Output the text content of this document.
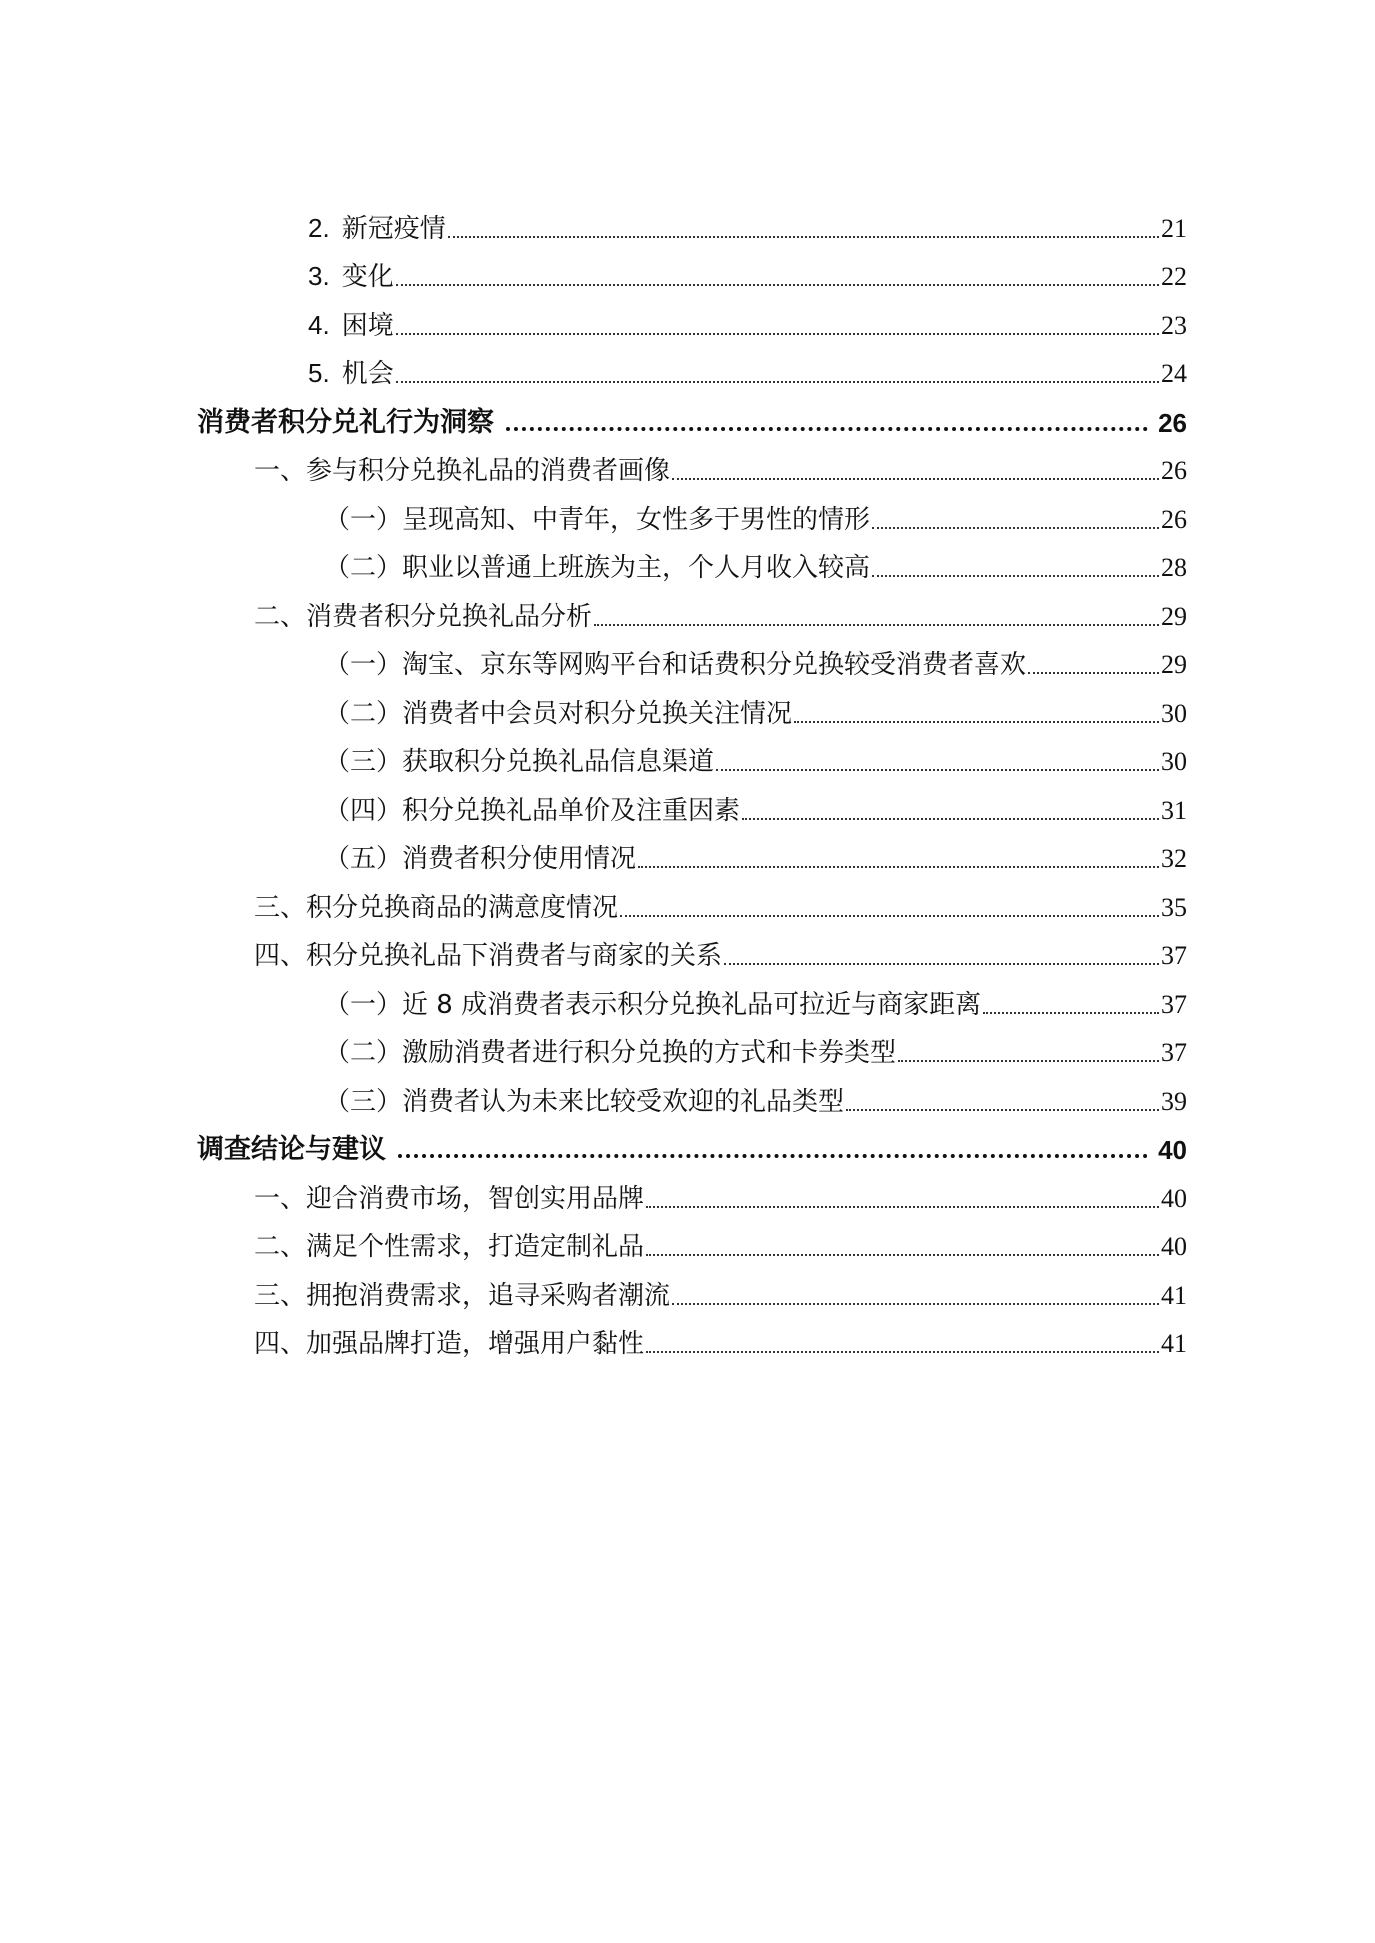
2. 新冠疫情	21
3. 变化	22
4. 困境	23
5. 机会	24
消费者积分兑礼行为洞察	26
一、参与积分兑换礼品的消费者画像	26
（一）呈现高知、中青年，女性多于男性的情形	26
（二）职业以普通上班族为主，个人月收入较高	28
二、消费者积分兑换礼品分析	29
（一）淘宝、京东等网购平台和话费积分兑换较受消费者喜欢	29
（二）消费者中会员对积分兑换关注情况	30
（三）获取积分兑换礼品信息渠道	30
（四）积分兑换礼品单价及注重因素	31
（五）消费者积分使用情况	32
三、积分兑换商品的满意度情况	35
四、积分兑换礼品下消费者与商家的关系	37
（一）近 8 成消费者表示积分兑换礼品可拉近与商家距离	37
（二）激励消费者进行积分兑换的方式和卡券类型	37
（三）消费者认为未来比较受欢迎的礼品类型	39
调查结论与建议	40
一、迎合消费市场，智创实用品牌	40
二、满足个性需求，打造定制礼品	40
三、拥抱消费需求，追寻采购者潮流	41
四、加强品牌打造，增强用户黏性	41
